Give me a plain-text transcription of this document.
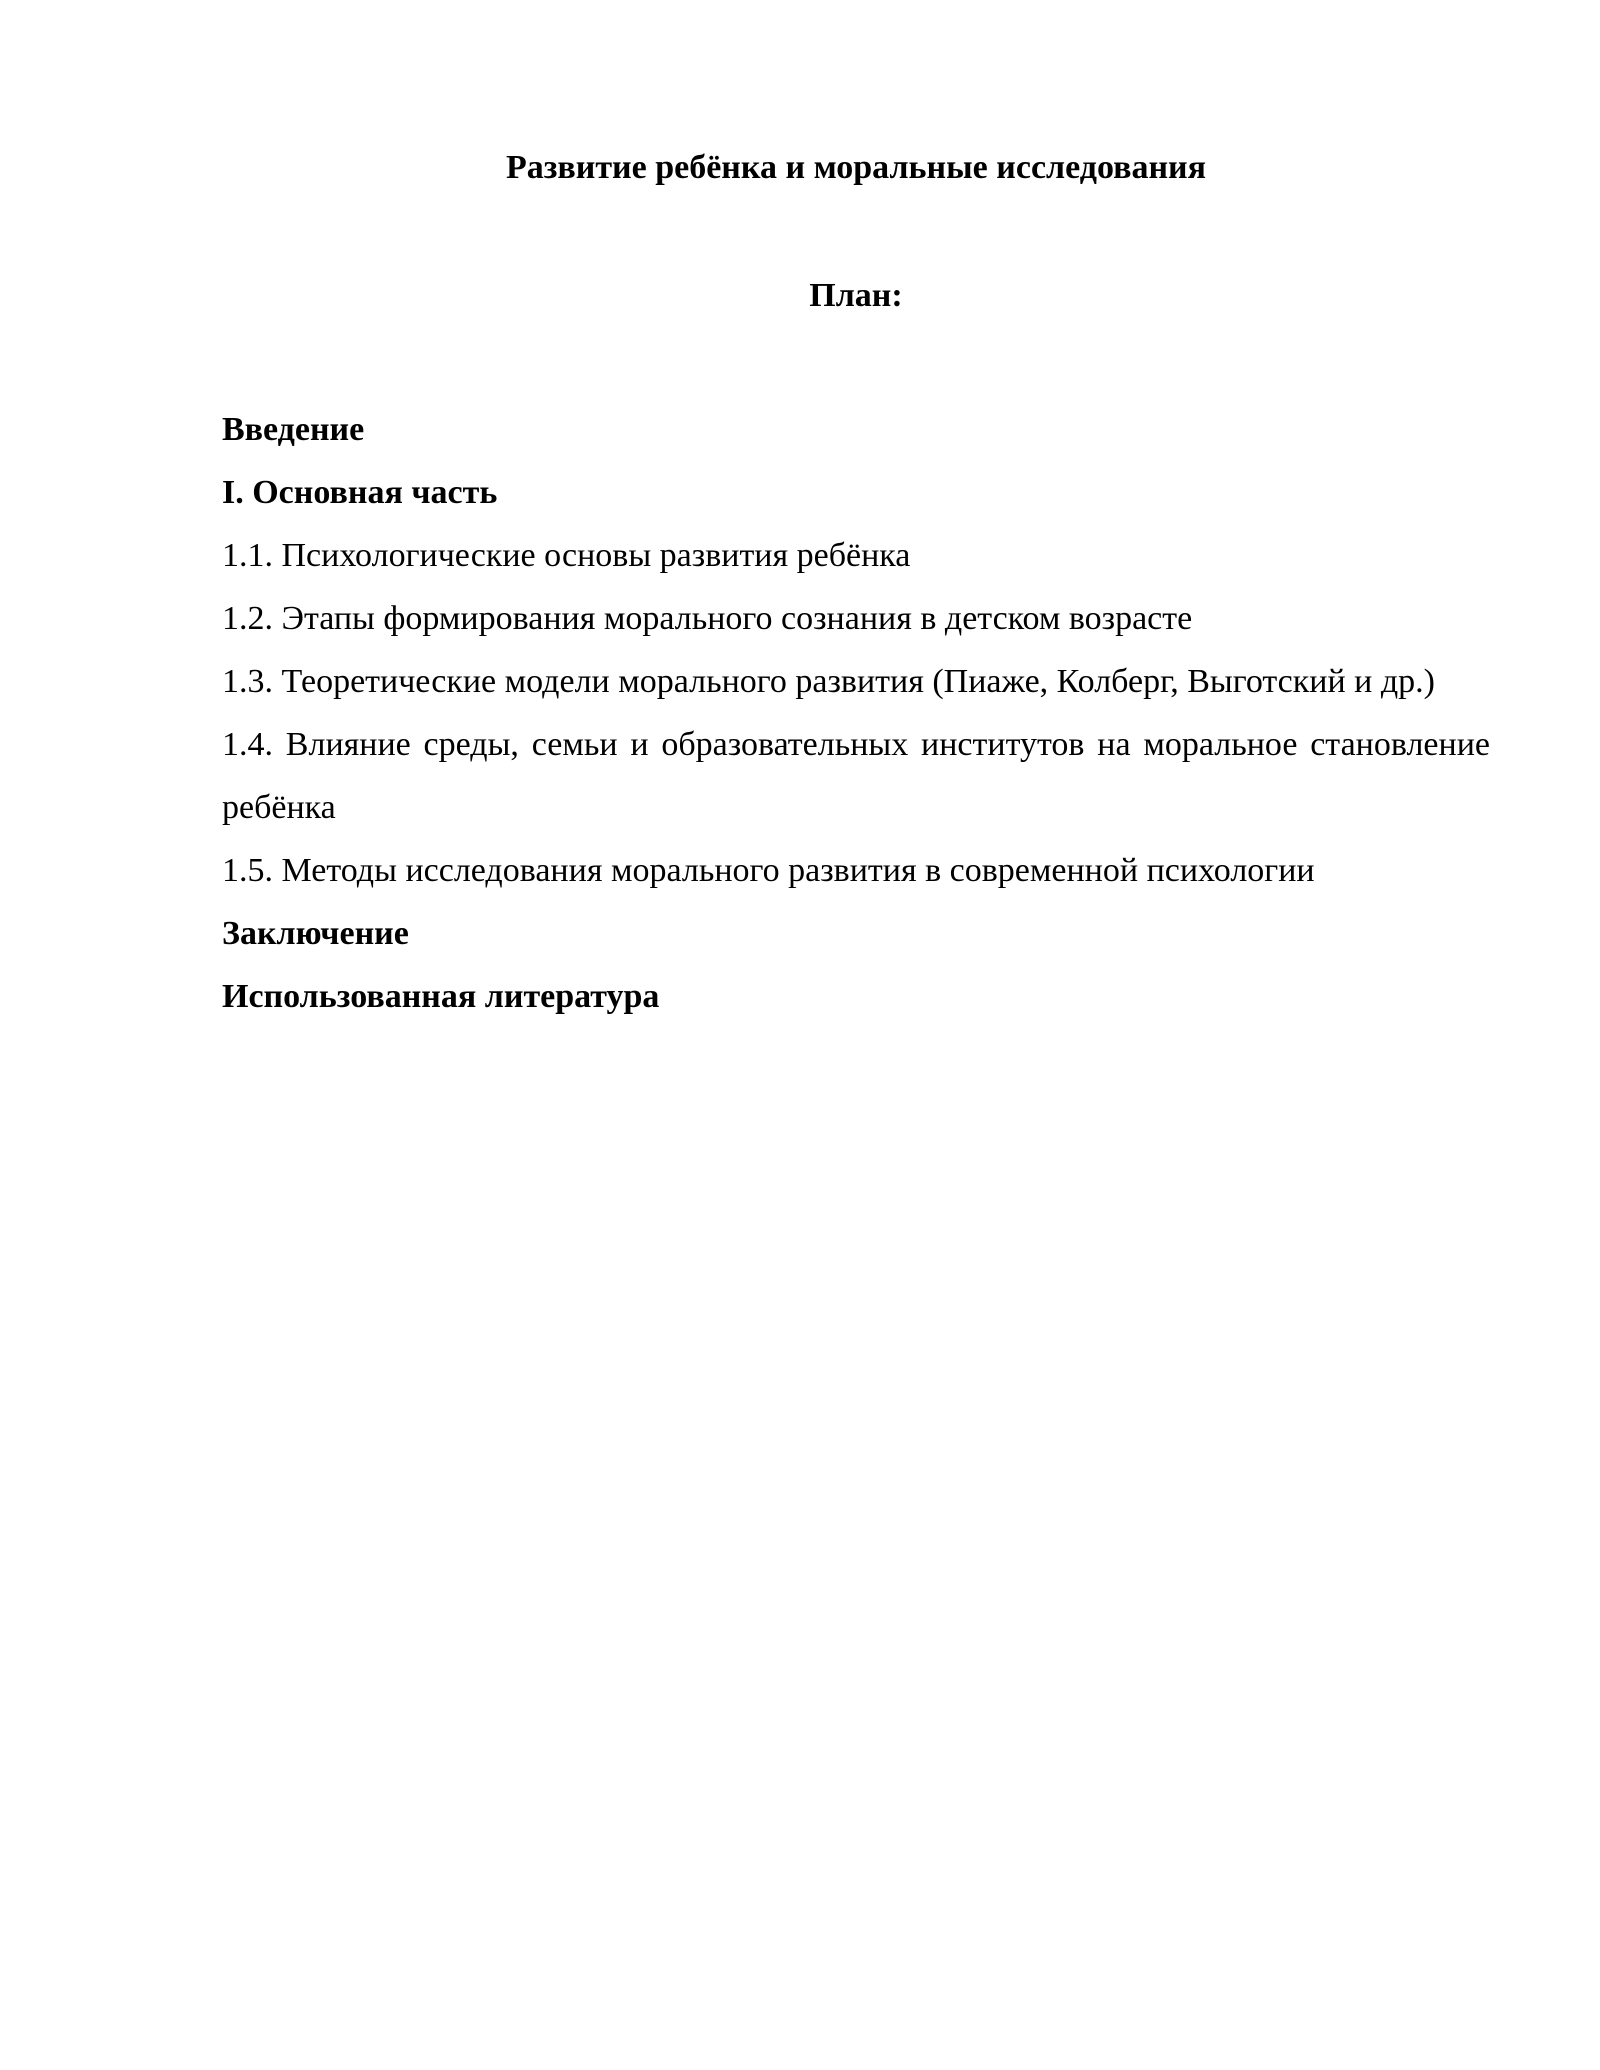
Развитие ребёнка и моральные исследования
План:
Введение
I. Основная часть
1.1. Психологические основы развития ребёнка
1.2. Этапы формирования морального сознания в детском возрасте
1.3. Теоретические модели морального развития (Пиаже, Колберг, Выготский и др.)
1.4. Влияние среды, семьи и образовательных институтов на моральное становление ребёнка
1.5. Методы исследования морального развития в современной психологии
Заключение
Использованная литература
